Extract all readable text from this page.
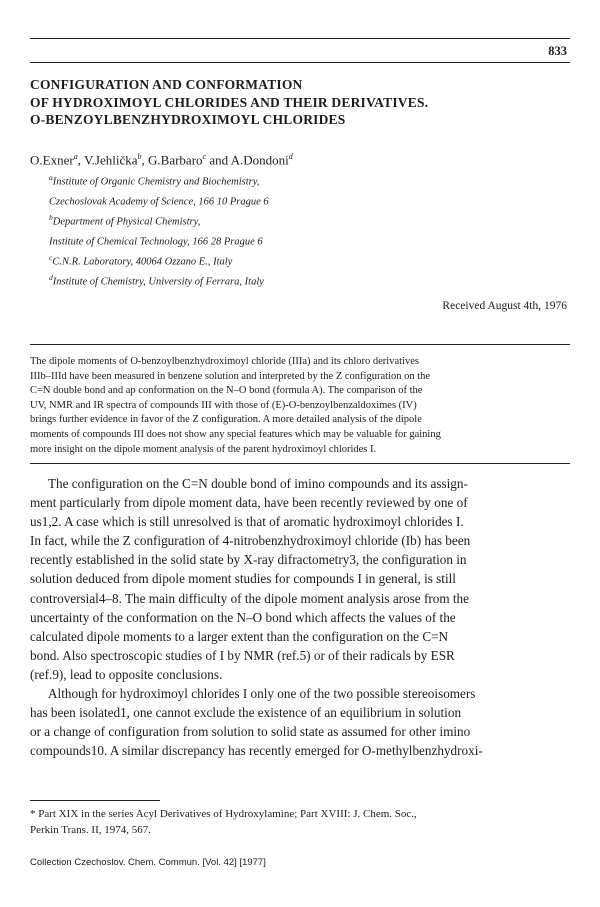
833
CONFIGURATION AND CONFORMATION
OF HYDROXIMOYL CHLORIDES AND THEIR DERIVATIVES.
O-BENZOYLBENZHYDROXIMOYL CHLORIDES
O.Exner$^a$, V.Jehlička$^b$, G.Barbaro$^c$ and A.Dondoni$^d$
$^a$Institute of Organic Chemistry and Biochemistry,
Czechoslovak Academy of Science, 166 10 Prague 6
$^b$Department of Physical Chemistry,
Institute of Chemical Technology, 166 28 Prague 6
$^c$C.N.R. Laboratory, 40064 Ozzano E., Italy
$^d$Institute of Chemistry, University of Ferrara, Italy
Received August 4th, 1976
The dipole moments of O-benzoylbenzhydroximoyl chloride (IIIa) and its chloro derivatives
IIIb–IIId have been measured in benzene solution and interpreted by the Z configuration on the
C=N double bond and ap conformation on the N–O bond (formula A). The comparison of the
UV, NMR and IR spectra of compounds III with those of (E)-O-benzoylbenzaldoximes (IV)
brings further evidence in favor of the Z configuration. A more detailed analysis of the dipole
moments of compounds III does not show any special features which may be valuable for gaining
more insight on the dipole moment analysis of the parent hydroximoyl chlorides I.
The configuration on the C=N double bond of imino compounds and its assign-
ment particularly from dipole moment data, have been recently reviewed by one of
us1,2. A case which is still unresolved is that of aromatic hydroximoyl chlorides I.
In fact, while the Z configuration of 4-nitrobenzhydroximoyl chloride (Ib) has been
recently established in the solid state by X-ray difractometry3, the configuration in
solution deduced from dipole moment studies for compounds I in general, is still
controversial4–8. The main difficulty of the dipole moment analysis arose from the
uncertainty of the conformation on the N–O bond which affects the values of the
calculated dipole moments to a larger extent than the configuration on the C=N
bond. Also spectroscopic studies of I by NMR (ref.5) or of their radicals by ESR
(ref.9), lead to opposite conclusions.
Although for hydroximoyl chlorides I only one of the two possible stereoisomers
has been isolated1, one cannot exclude the existence of an equilibrium in solution
or a change of configuration from solution to solid state as assumed for other imino
compounds10. A similar discrepancy has recently emerged for O-methylbenzhydroxi-
* Part XIX in the series Acyl Derivatives of Hydroxylamine; Part XVIII: J. Chem. Soc.,
Perkin Trans. II, 1974, 567.
Collection Czechoslov. Chem. Commun. [Vol. 42] [1977]
